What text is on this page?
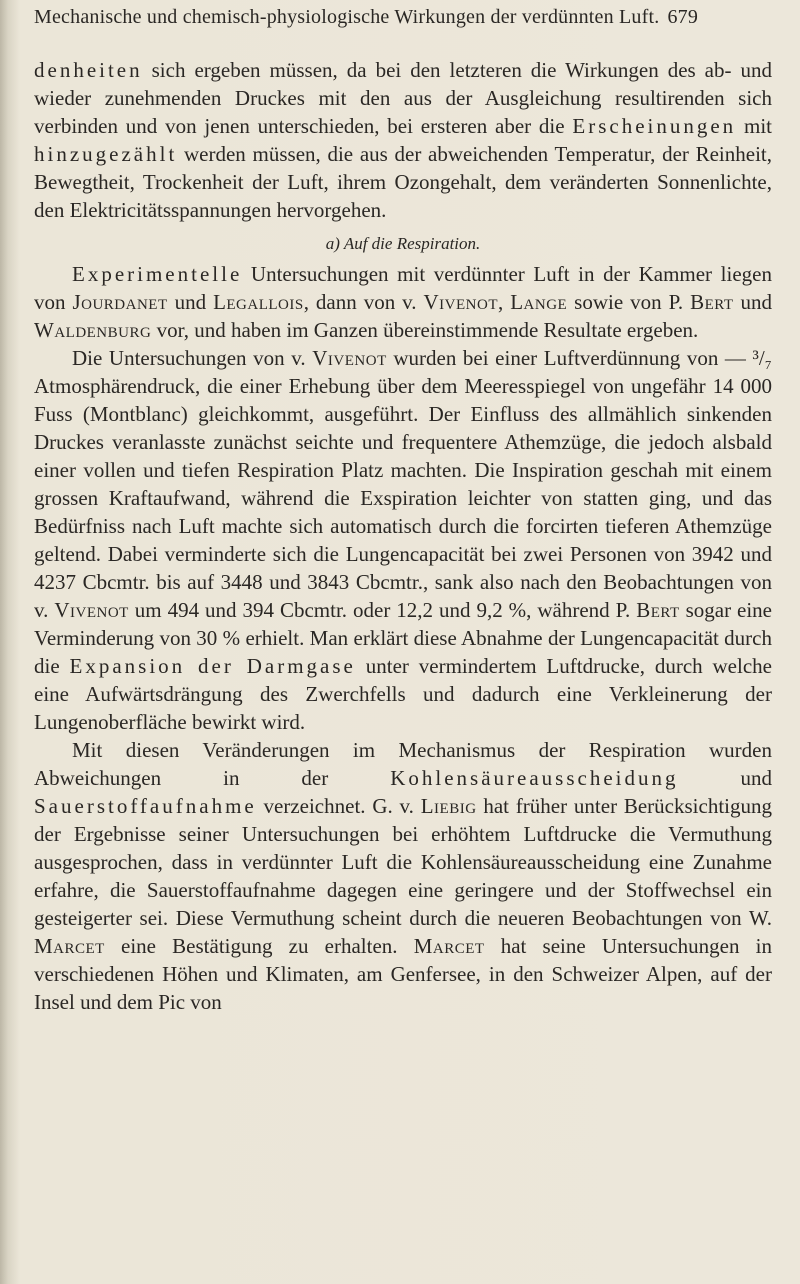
Mechanische und chemisch-physiologische Wirkungen der verdünnten Luft. 679

denheiten sich ergeben müssen, da bei den letzteren die Wirkungen des ab- und wieder zunehmenden Druckes mit den aus der Ausgleichung resultirenden sich verbinden und von jenen unterschieden, bei ersteren aber die Erscheinungen mit hinzugezählt werden müssen, die aus der abweichenden Temperatur, der Reinheit, Bewegtheit, Trockenheit der Luft, ihrem Ozongehalt, dem veränderten Sonnenlichte, den Elektricitätsspannungen hervorgehen.

a) Auf die Respiration.

Experimentelle Untersuchungen mit verdünnter Luft in der Kammer liegen von Jourdanet und Legallois, dann von v. Vivenot, Lange sowie von P. Bert und Waldenburg vor, und haben im Ganzen übereinstimmende Resultate ergeben.

Die Untersuchungen von v. Vivenot wurden bei einer Luftverdünnung von — ³/₇ Atmosphärendruck, die einer Erhebung über dem Meeresspiegel von ungefähr 14 000 Fuss (Montblanc) gleichkommt, ausgeführt. Der Einfluss des allmählich sinkenden Druckes veranlasste zunächst seichte und frequentere Athemzüge, die jedoch alsbald einer vollen und tiefen Respiration Platz machten. Die Inspiration geschah mit einem grossen Kraftaufwand, während die Exspiration leichter von statten ging, und das Bedürfniss nach Luft machte sich automatisch durch die forcirten tieferen Athemzüge geltend. Dabei verminderte sich die Lungencapacität bei zwei Personen von 3942 und 4237 Cbcmtr. bis auf 3448 und 3843 Cbcmtr., sank also nach den Beobachtungen von v. Vivenot um 494 und 394 Cbcmtr. oder 12,2 und 9,2 %, während P. Bert sogar eine Verminderung von 30 % erhielt. Man erklärt diese Abnahme der Lungencapacität durch die Expansion der Darmgase unter vermindertem Luftdrucke, durch welche eine Aufwärtsdrängung des Zwerchfells und dadurch eine Verkleinerung der Lungenoberfläche bewirkt wird.

Mit diesen Veränderungen im Mechanismus der Respiration wurden Abweichungen in der Kohlensäureausscheidung und Sauerstoffaufnahme verzeichnet. G. v. Liebig hat früher unter Berücksichtigung der Ergebnisse seiner Untersuchungen bei erhöhtem Luftdrucke die Vermuthung ausgesprochen, dass in verdünnter Luft die Kohlensäureausscheidung eine Zunahme erfahre, die Sauerstoffaufnahme dagegen eine geringere und der Stoffwechsel ein gesteigerter sei. Diese Vermuthung scheint durch die neueren Beobachtungen von W. Marcet eine Bestätigung zu erhalten. Marcet hat seine Untersuchungen in verschiedenen Höhen und Klimaten, am Genfersee, in den Schweizer Alpen, auf der Insel und dem Pic von
